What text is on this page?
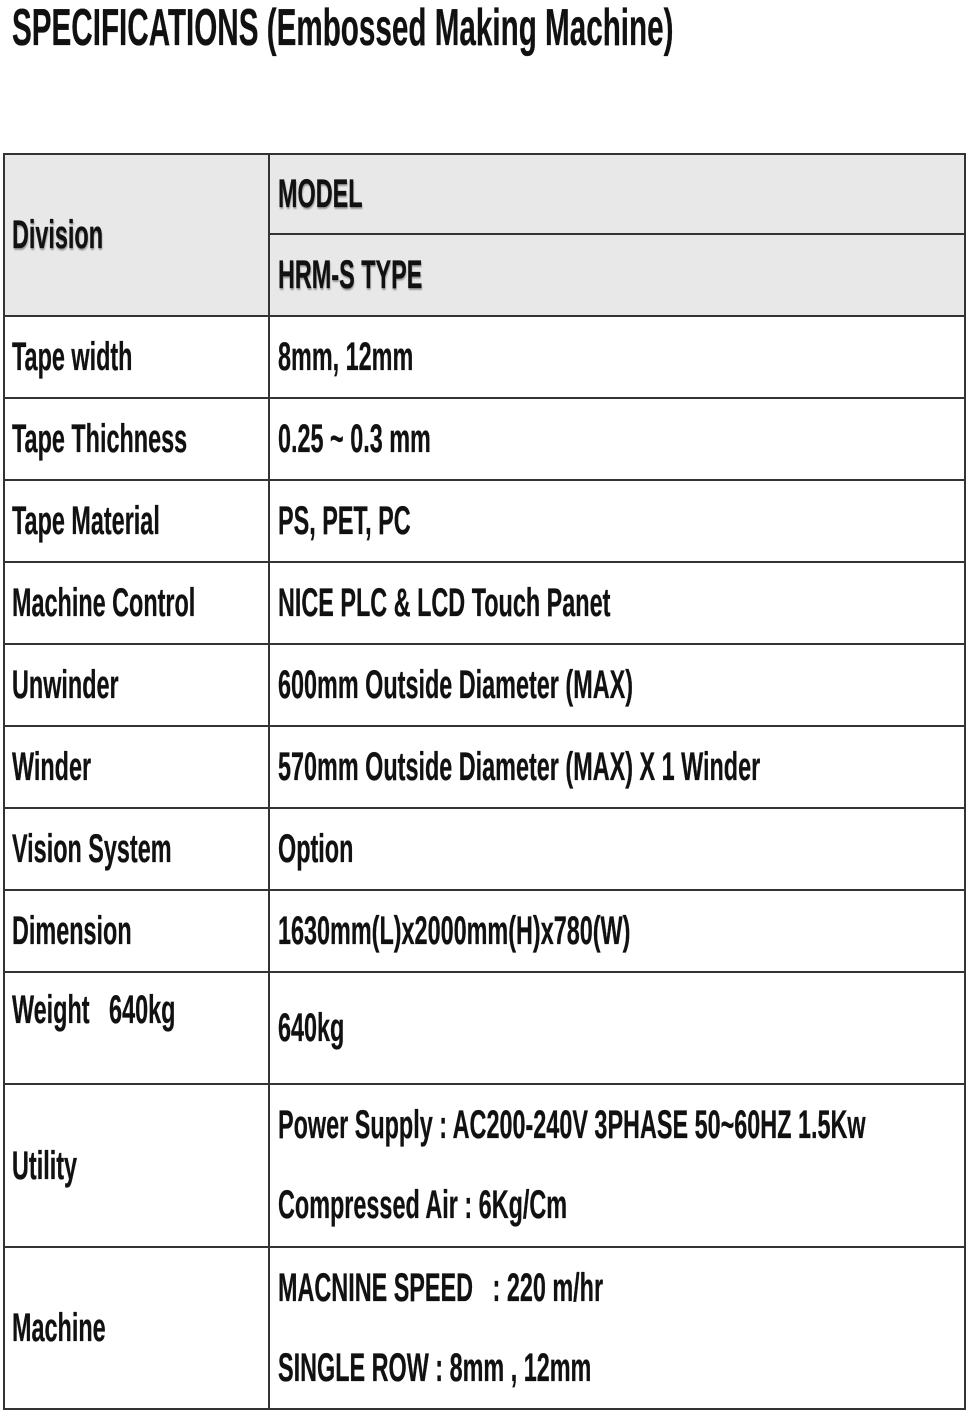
SPECIFICATIONS (Embossed Making Machine)
Division	MODEL

	HRM-S TYPE

Tape width	8mm, 12mm

Tape Thichness	0.25 ~ 0.3 mm

Tape Material	PS, PET, PC

Machine Control	NICE PLC & LCD Touch Panet

Unwinder	600mm Outside Diameter (MAX)

Winder	570mm Outside Diameter (MAX) X 1 Winder

Vision System	Option

Dimension	1630mm(L)x2000mm(H)x780(W)

Weight   640kg	640kg

Utility	Power Supply : AC200-240V 3PHASE 50~60HZ 1.5Kw
Compressed Air : 6Kg/Cm

Machine	MACNINE SPEED   : 220 m/hr
SINGLE ROW : 8mm , 12mm
